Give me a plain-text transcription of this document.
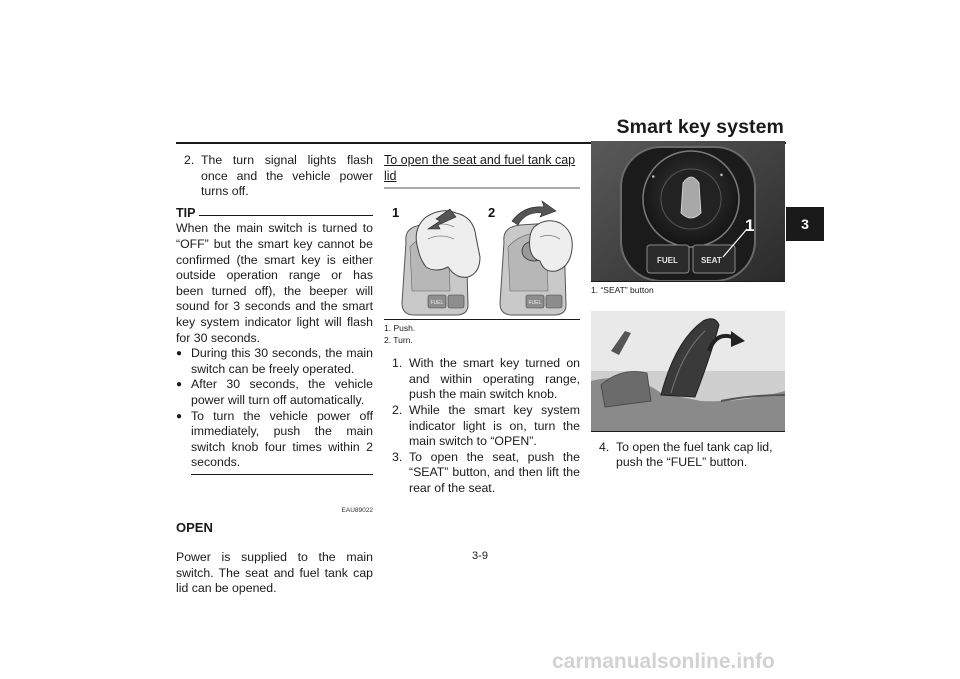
Smart key system
3
2. The turn signal lights flash once and the vehicle power turns off.
TIP

When the main switch is turned to “OFF” but the smart key cannot be confirmed (the smart key is either outside operation range or has been turned off), the beeper will sound for 3 seconds and the smart key system indicator light will flash for 30 seconds.

● During this 30 seconds, the main switch can be freely operated.
● After 30 seconds, the vehicle power will turn off automatically.
● To turn the vehicle power off immediately, push the main switch knob four times within 2 seconds.
EAU89022
OPEN

Power is supplied to the main switch. The seat and fuel tank cap lid can be opened.

To open the seat and fuel tank cap lid
1	2
FUEL	FUEL
1. Push.
2. Turn.
1. With the smart key turned on and within operating range, push the main switch knob.
2. While the smart key system indicator light is on, turn the main switch to “OPEN”.
3. To open the seat, push the “SEAT” button, and then lift the rear of the seat.
●	●
FUEL	SEAT
1
1. “SEAT” button
4. To open the fuel tank cap lid, push the “FUEL” button.
3-9
carmanualsonline.info
